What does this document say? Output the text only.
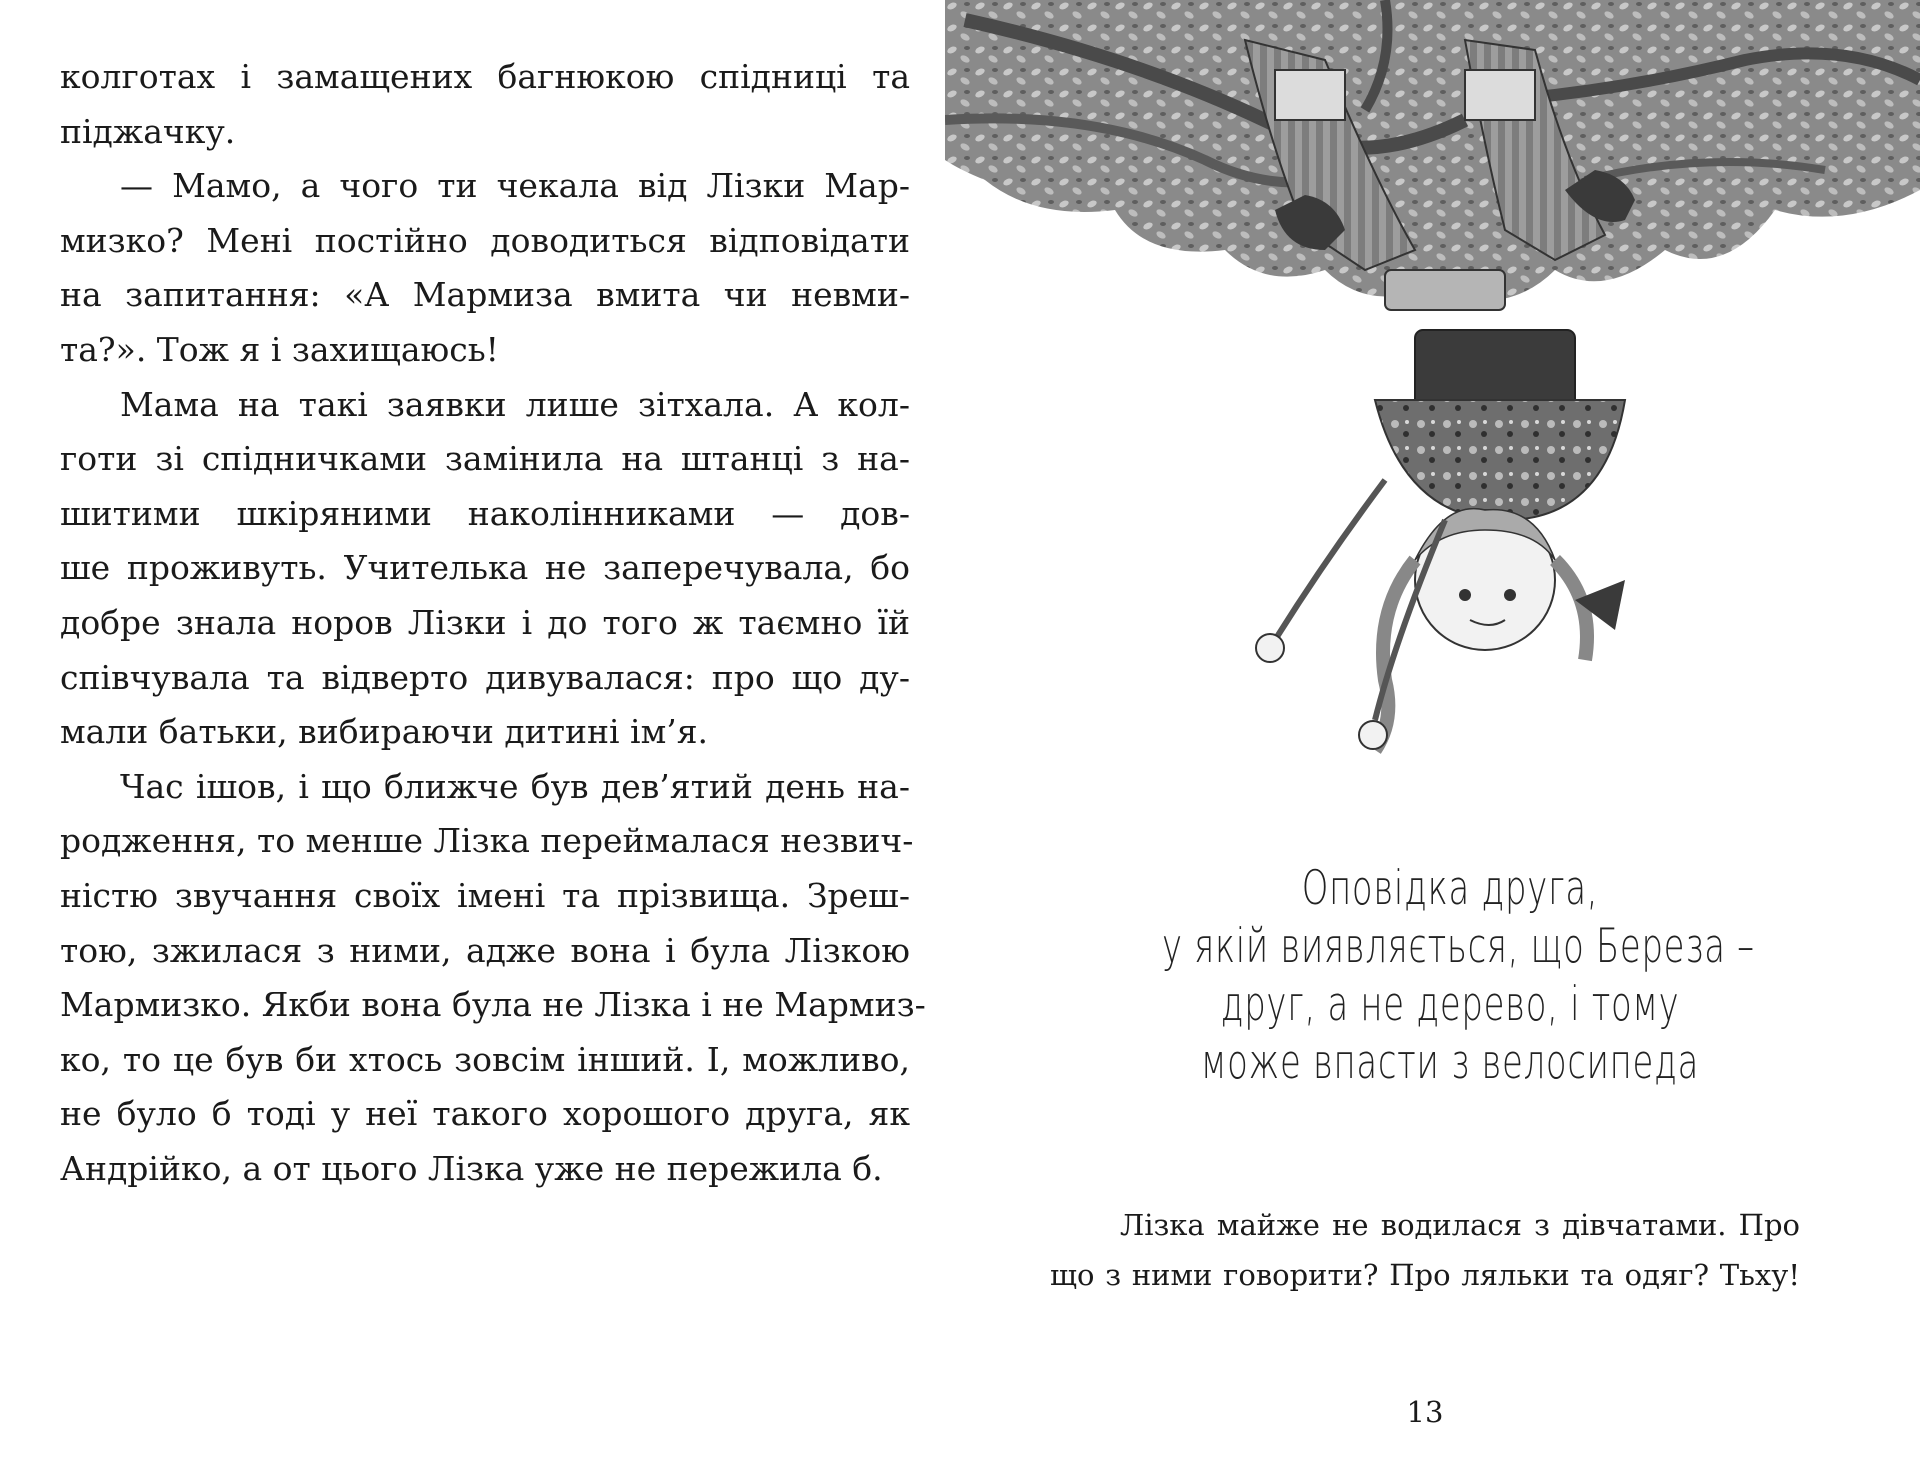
колготах і замащених багнюкою спідниці та
піджачку.
— Мамо, а чого ти чекала від Лізки Мар-
мизко? Мені постійно доводиться відповідати
на запитання: «А Мармиза вмита чи невми-
та?». Тож я і захищаюсь!
Мама на такі заявки лише зітхала. А кол-
готи зі спідничками замінила на штанці з на-
шитими шкіряними наколінниками — дов-
ше проживуть. Учителька не заперечувала, бо
добре знала норов Лізки і до того ж таємно їй
співчувала та відверто дивувалася: про що ду-
мали батьки, вибираючи дитині ім’я.
Час ішов, і що ближче був дев’ятий день на-
родження, то менше Лізка переймалася незвич-
ністю звучання своїх імені та прізвища. Зреш-
тою, зжилася з ними, адже вона і була Лізкою
Мармизко. Якби вона була не Лізка і не Мармиз-
ко, то це був би хтось зовсім інший. І, можливо,
не було б тоді у неї такого хорошого друга, як
Андрійко, а от цього Лізка уже не пережила б.
Оповідка друга,
у якій виявляється, що Береза –
друг, а не дерево, і тому
може впасти з велосипеда
Лізка майже не водилася з дівчатами. Про
що з ними говорити? Про ляльки та одяг? Тьху!
13
